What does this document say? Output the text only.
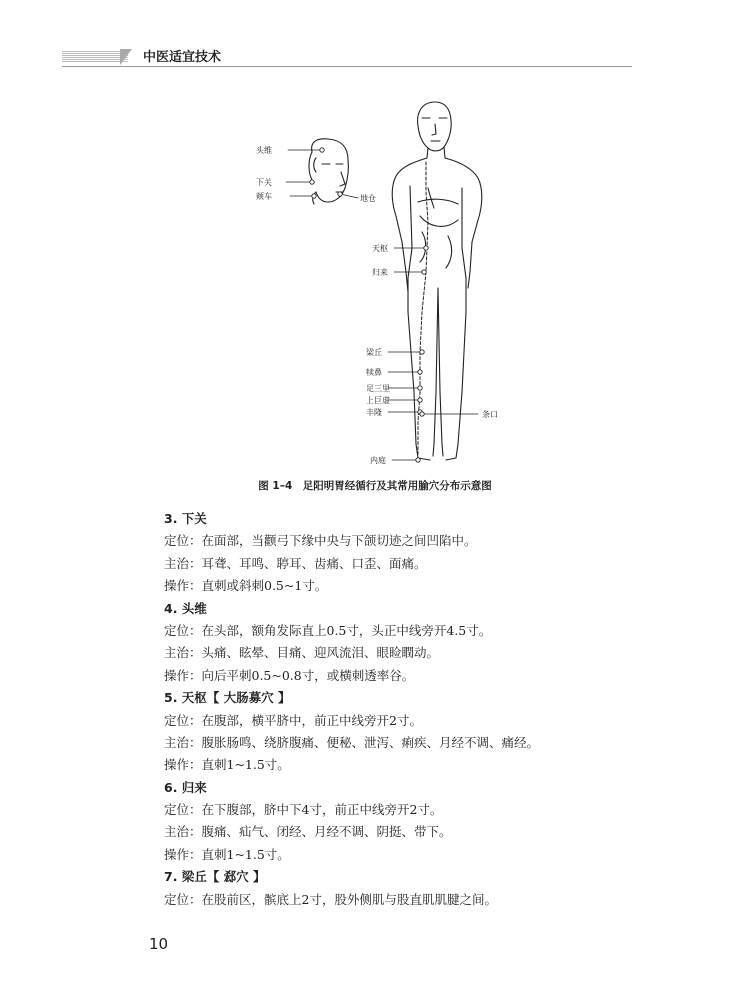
中医适宜技术
头维
下关
颊车	地仓
天枢
归来
梁丘
犊鼻
足三里
上巨虚
丰隆	条口
内庭
图 1–4　足阳明胃经循行及其常用腧穴分布示意图
3. 下关
定位：在面部，当颧弓下缘中央与下颌切迹之间凹陷中。
主治：耳聋、耳鸣、聤耳、齿痛、口歪、面痛。
操作：直刺或斜刺0.5~1寸。
4. 头维
定位：在头部，额角发际直上0.5寸，头正中线旁开4.5寸。
主治：头痛、眩晕、目痛、迎风流泪、眼睑瞤动。
操作：向后平刺0.5~0.8寸，或横刺透率谷。
5. 天枢【 大肠募穴 】
定位：在腹部，横平脐中，前正中线旁开2寸。
主治：腹胀肠鸣、绕脐腹痛、便秘、泄泻、痢疾、月经不调、痛经。
操作：直刺1~1.5寸。
6. 归来
定位：在下腹部，脐中下4寸，前正中线旁开2寸。
主治：腹痛、疝气、闭经、月经不调、阴挺、带下。
操作：直刺1~1.5寸。
7. 梁丘【 郄穴 】
定位：在股前区，髌底上2寸，股外侧肌与股直肌肌腱之间。
10
